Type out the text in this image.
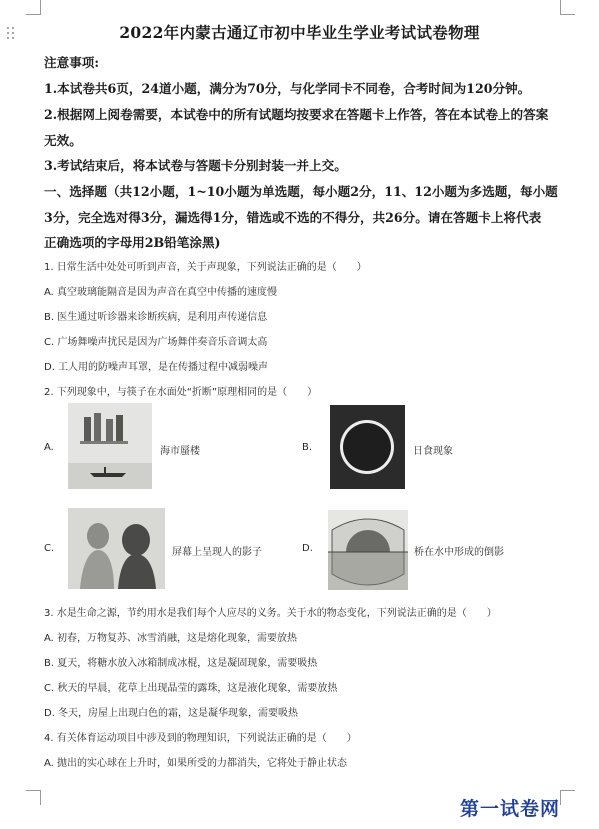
2022年内蒙古通辽市初中毕业生学业考试试卷物理
注意事项:
1.本试卷共6页，24道小题，满分为70分，与化学同卡不同卷，合考时间为120分钟。
2.根据网上阅卷需要，本试卷中的所有试题均按要求在答题卡上作答，答在本试卷上的答案
无效。
3.考试结束后，将本试卷与答题卡分别封装一并上交。
一、选择题（共12小题，1~10小题为单选题，每小题2分，11、12小题为多选题，每小题
3分，完全选对得3分，漏选得1分，错选或不选的不得分，共26分。请在答题卡上将代表
正确选项的字母用2B铅笔涂黑)
1. 日常生活中处处可听到声音，关于声现象，下列说法正确的是（　　）
A. 真空玻璃能隔音是因为声音在真空中传播的速度慢
B. 医生通过听诊器来诊断疾病，是利用声传递信息
C. 广场舞噪声扰民是因为广场舞伴奏音乐音调太高
D. 工人用的防噪声耳罩，是在传播过程中减弱噪声
2. 下列现象中，与筷子在水面处“折断”原理相同的是（　　）
A.	海市蜃楼	B.	日食现象
C.	屏幕上呈现人的影子	D.	桥在水中形成的倒影
3. 水是生命之源，节约用水是我们每个人应尽的义务。关于水的物态变化，下列说法正确的是（　　）
A. 初春，万物复苏、冰雪消融，这是熔化现象，需要放热
B. 夏天，将糖水放入冰箱制成冰棍，这是凝固现象，需要吸热
C. 秋天的早晨，花草上出现晶莹的露珠，这是液化现象，需要放热
D. 冬天，房屋上出现白色的霜，这是凝华现象，需要吸热
4. 有关体育运动项目中涉及到的物理知识，下列说法正确的是（　　）
A. 抛出的实心球在上升时，如果所受的力都消失，它将处于静止状态
第一试卷网
